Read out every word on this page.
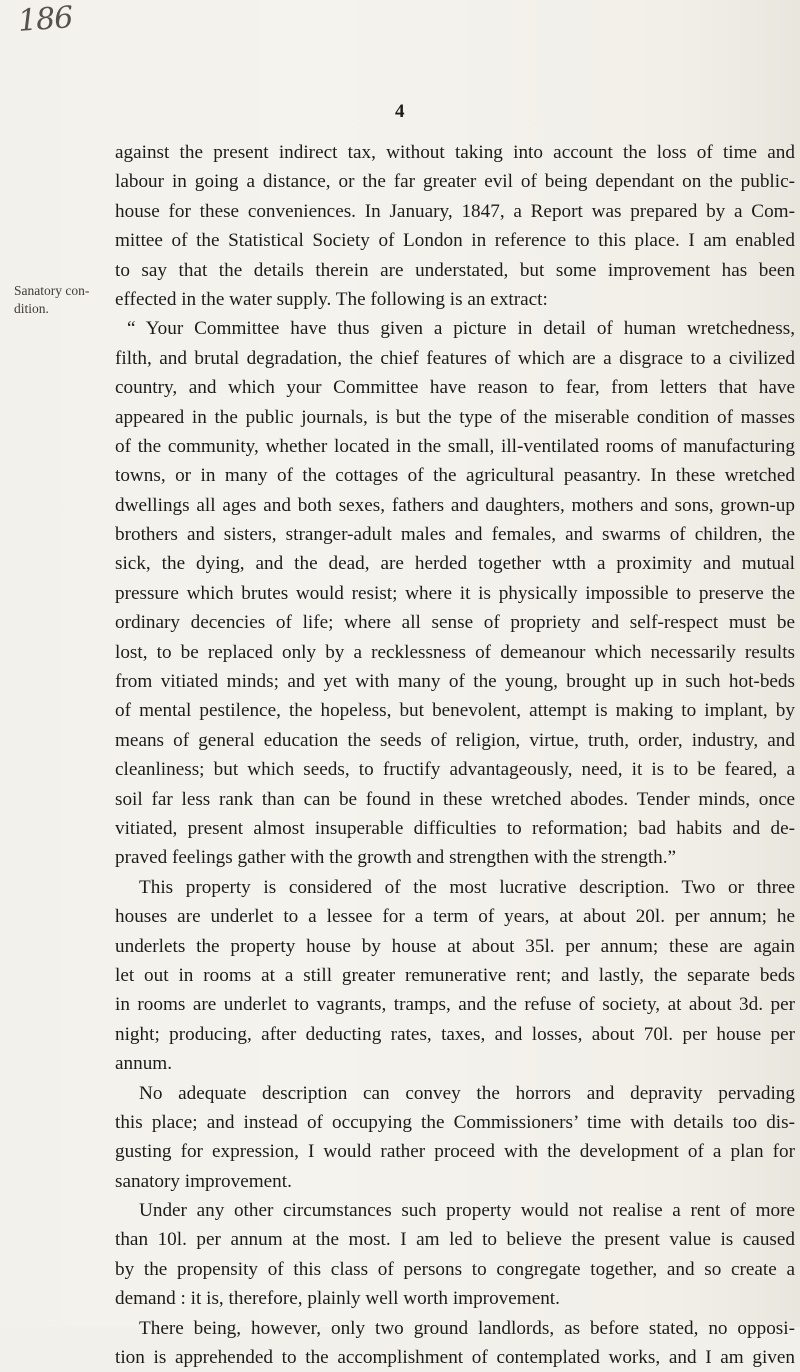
186
4
Sanatory con- dition.
against the present indirect tax, without taking into account the loss of time and
labour in going a distance, or the far greater evil of being dependant on the public-
house for these conveniences. In January, 1847, a Report was prepared by a Com-
mittee of the Statistical Society of London in reference to this place. I am enabled
to say that the details therein are understated, but some improvement has been
effected in the water supply. The following is an extract:
“ Your Committee have thus given a picture in detail of human wretchedness,
filth, and brutal degradation, the chief features of which are a disgrace to a civilized
country, and which your Committee have reason to fear, from letters that have
appeared in the public journals, is but the type of the miserable condition of masses
of the community, whether located in the small, ill-ventilated rooms of manufacturing
towns, or in many of the cottages of the agricultural peasantry. In these wretched
dwellings all ages and both sexes, fathers and daughters, mothers and sons, grown-up
brothers and sisters, stranger-adult males and females, and swarms of children, the
sick, the dying, and the dead, are herded together wtth a proximity and mutual
pressure which brutes would resist; where it is physically impossible to preserve the
ordinary decencies of life; where all sense of propriety and self-respect must be
lost, to be replaced only by a recklessness of demeanour which necessarily results
from vitiated minds; and yet with many of the young, brought up in such hot-beds
of mental pestilence, the hopeless, but benevolent, attempt is making to implant, by
means of general education the seeds of religion, virtue, truth, order, industry, and
cleanliness; but which seeds, to fructify advantageously, need, it is to be feared, a
soil far less rank than can be found in these wretched abodes. Tender minds, once
vitiated, present almost insuperable difficulties to reformation; bad habits and de-
praved feelings gather with the growth and strengthen with the strength.”
This property is considered of the most lucrative description. Two or three
houses are underlet to a lessee for a term of years, at about 20l. per annum; he
underlets the property house by house at about 35l. per annum; these are again
let out in rooms at a still greater remunerative rent; and lastly, the separate beds
in rooms are underlet to vagrants, tramps, and the refuse of society, at about 3d. per
night; producing, after deducting rates, taxes, and losses, about 70l. per house per
annum.
No adequate description can convey the horrors and depravity pervading
this place; and instead of occupying the Commissioners’ time with details too dis-
gusting for expression, I would rather proceed with the development of a plan for
sanatory improvement.
Under any other circumstances such property would not realise a rent of more
than 10l. per annum at the most. I am led to believe the present value is caused
by the propensity of this class of persons to congregate together, and so create a
demand : it is, therefore, plainly well worth improvement.
There being, however, only two ground landlords, as before stated, no opposi-
tion is apprehended to the accomplishment of contemplated works, and I am given
